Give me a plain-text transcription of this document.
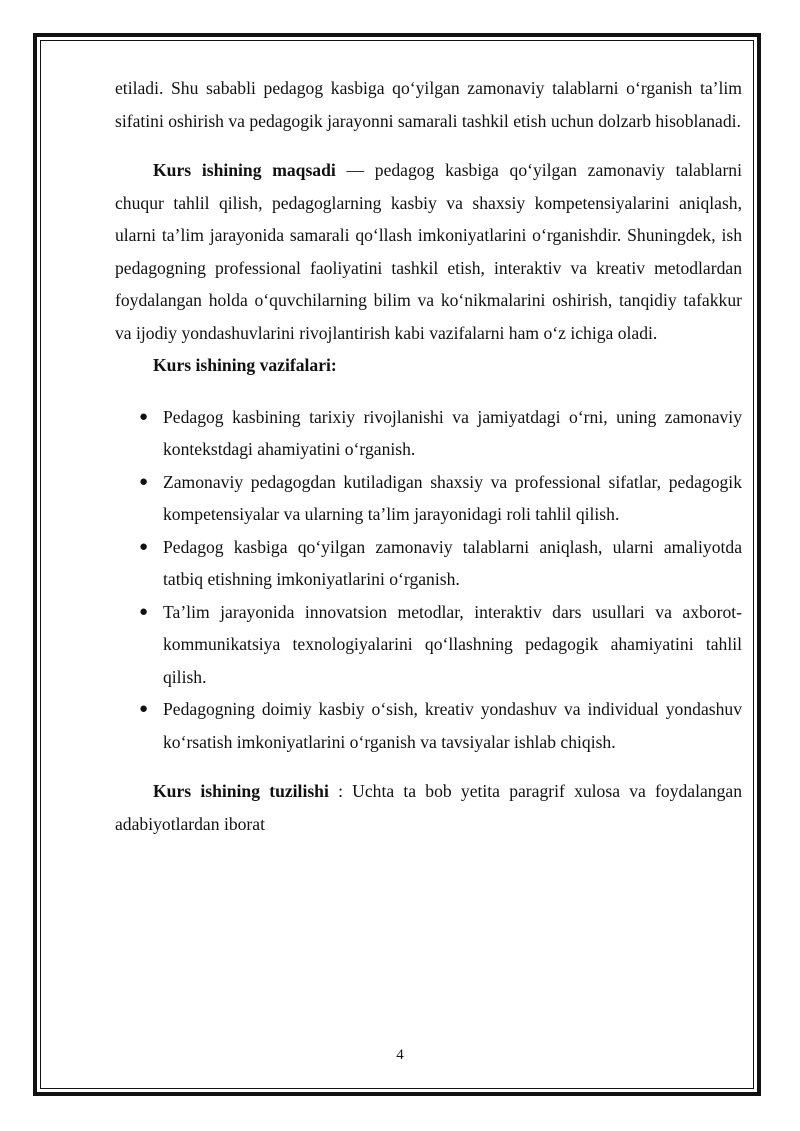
etiladi. Shu sababli pedagog kasbiga qo‘yilgan zamonaviy talablarni o‘rganish ta’lim sifatini oshirish va pedagogik jarayonni samarali tashkil etish uchun dolzarb hisoblanadi.

Kurs ishining maqsadi — pedagog kasbiga qo‘yilgan zamonaviy talablarni chuqur tahlil qilish, pedagoglarning kasbiy va shaxsiy kompetensiyalarini aniqlash, ularni ta’lim jarayonida samarali qo‘llash imkoniyatlarini o‘rganishdir. Shuningdek, ish pedagogning professional faoliyatini tashkil etish, interaktiv va kreativ metodlardan foydalangan holda o‘quvchilarning bilim va ko‘nikmalarini oshirish, tanqidiy tafakkur va ijodiy yondashuvlarini rivojlantirish kabi vazifalarni ham o‘z ichiga oladi.

Kurs ishining vazifalari:

● Pedagog kasbining tarixiy rivojlanishi va jamiyatdagi o‘rni, uning zamonaviy kontekstdagi ahamiyatini o‘rganish.
● Zamonaviy pedagogdan kutiladigan shaxsiy va professional sifatlar, pedagogik kompetensiyalar va ularning ta’lim jarayonidagi roli tahlil qilish.
● Pedagog kasbiga qo‘yilgan zamonaviy talablarni aniqlash, ularni amaliyotda tatbiq etishning imkoniyatlarini o‘rganish.
● Ta’lim jarayonida innovatsion metodlar, interaktiv dars usullari va axborot-kommunikatsiya texnologiyalarini qo‘llashning pedagogik ahamiyatini tahlil qilish.
● Pedagogning doimiy kasbiy o‘sish, kreativ yondashuv va individual yondashuv ko‘rsatish imkoniyatlarini o‘rganish va tavsiyalar ishlab chiqish.

Kurs ishining tuzilishi : Uchta ta bob yetita paragrif xulosa va foydalangan adabiyotlardan iborat

4
